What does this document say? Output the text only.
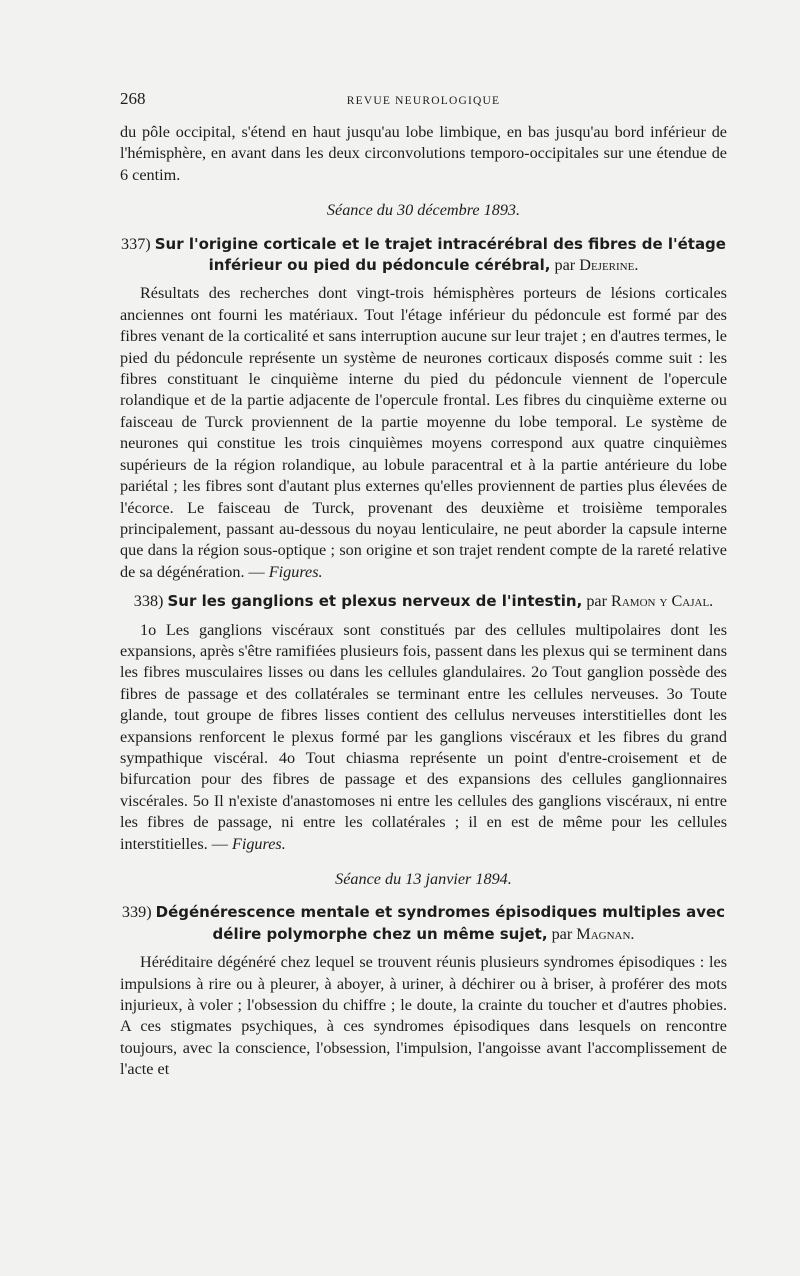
268	REVUE NEUROLOGIQUE

du pôle occipital, s'étend en haut jusqu'au lobe limbique, en bas jusqu'au bord inférieur de l'hémisphère, en avant dans les deux circonvolutions temporo-occipitales sur une étendue de 6 centim.

Séance du 30 décembre 1893.
337) Sur l'origine corticale et le trajet intracérébral des fibres de l'étage inférieur ou pied du pédoncule cérébral, par Dejerine.

Résultats des recherches dont vingt-trois hémisphères porteurs de lésions corticales anciennes ont fourni les matériaux. Tout l'étage inférieur du pédoncule est formé par des fibres venant de la corticalité et sans interruption aucune sur leur trajet ; en d'autres termes, le pied du pédoncule représente un système de neurones corticaux disposés comme suit : les fibres constituant le cinquième interne du pied du pédoncule viennent de l'opercule rolandique et de la partie adjacente de l'opercule frontal. Les fibres du cinquième externe ou faisceau de Turck proviennent de la partie moyenne du lobe temporal. Le système de neurones qui constitue les trois cinquièmes moyens correspond aux quatre cinquièmes supérieurs de la région rolandique, au lobule paracentral et à la partie antérieure du lobe pariétal ; les fibres sont d'autant plus externes qu'elles proviennent de parties plus élevées de l'écorce. Le faisceau de Turck, provenant des deuxième et troisième temporales principalement, passant au-dessous du noyau lenticulaire, ne peut aborder la capsule interne que dans la région sous-optique ; son origine et son trajet rendent compte de la rareté relative de sa dégénération. — Figures.

338) Sur les ganglions et plexus nerveux de l'intestin, par Ramon y Cajal.

1o Les ganglions viscéraux sont constitués par des cellules multipolaires dont les expansions, après s'être ramifiées plusieurs fois, passent dans les plexus qui se terminent dans les fibres musculaires lisses ou dans les cellules glandulaires. 2o Tout ganglion possède des fibres de passage et des collatérales se terminant entre les cellules nerveuses. 3o Toute glande, tout groupe de fibres lisses contient des cellulus nerveuses interstitielles dont les expansions renforcent le plexus formé par les ganglions viscéraux et les fibres du grand sympathique viscéral. 4o Tout chiasma représente un point d'entre-croisement et de bifurcation pour des fibres de passage et des expansions des cellules ganglionnaires viscérales. 5o Il n'existe d'anastomoses ni entre les cellules des ganglions viscéraux, ni entre les fibres de passage, ni entre les collatérales ; il en est de même pour les cellules interstitielles. — Figures.

Séance du 13 janvier 1894.
339) Dégénérescence mentale et syndromes épisodiques multiples avec délire polymorphe chez un même sujet, par Magnan.

Héréditaire dégénéré chez lequel se trouvent réunis plusieurs syndromes épisodiques : les impulsions à rire ou à pleurer, à aboyer, à uriner, à déchirer ou à briser, à proférer des mots injurieux, à voler ; l'obsession du chiffre ; le doute, la crainte du toucher et d'autres phobies. A ces stigmates psychiques, à ces syndromes épisodiques dans lesquels on rencontre toujours, avec la conscience, l'obsession, l'impulsion, l'angoisse avant l'accomplissement de l'acte et
